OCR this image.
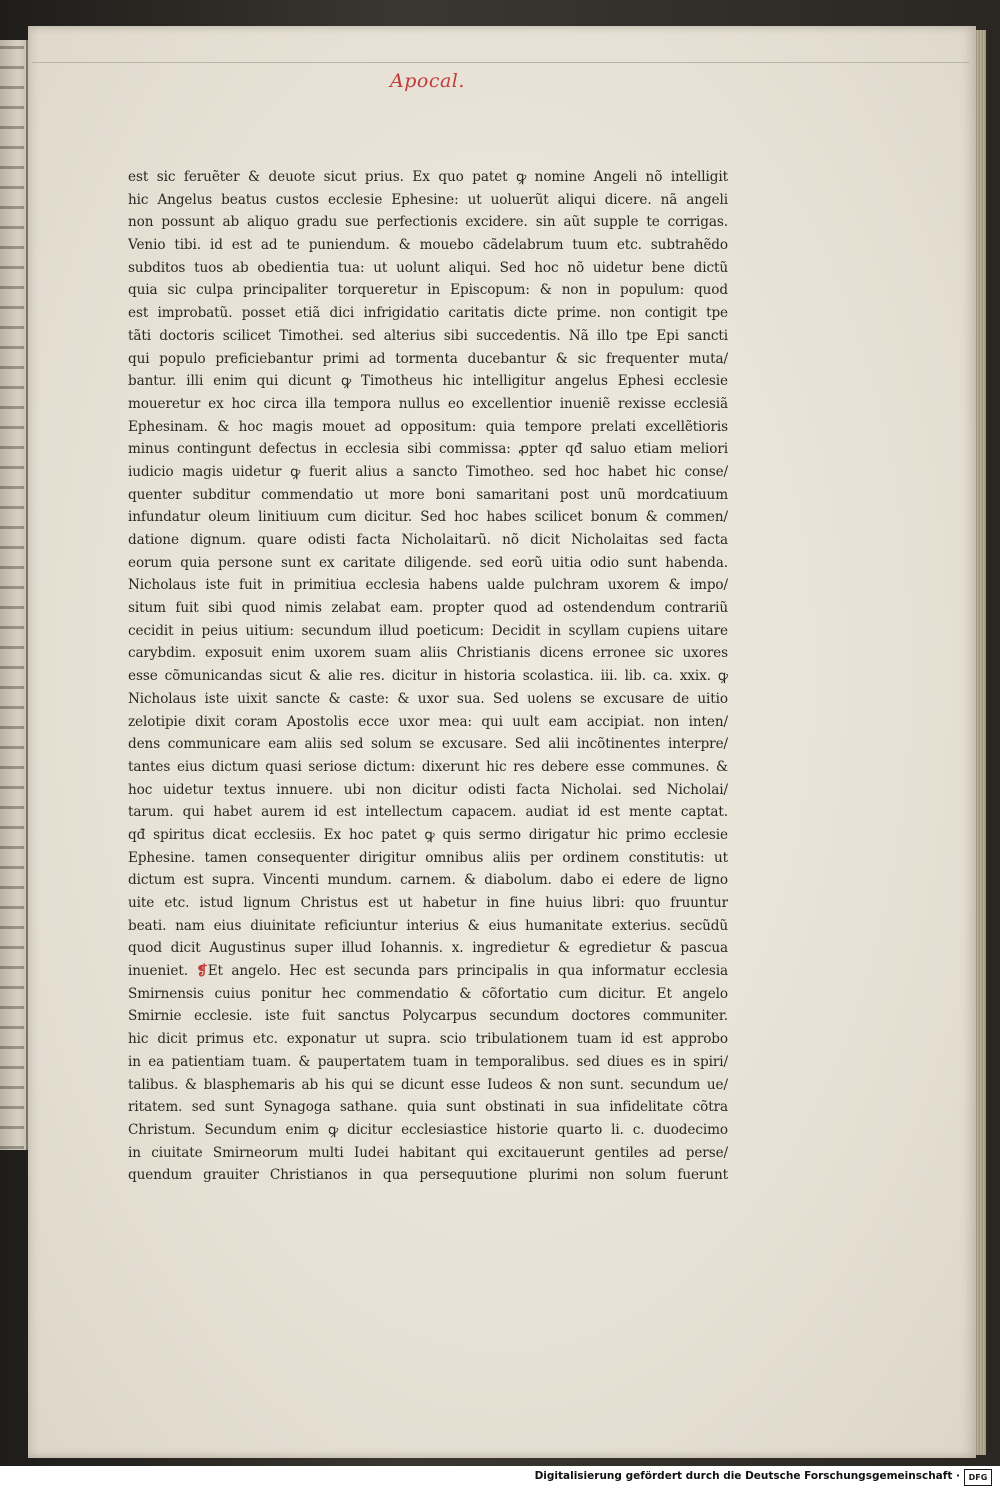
Apocal.
est sic feruẽter & deuote sicut prius. Ex quo patet ꝙ nomine Angeli nõ intelligit
hic Angelus beatus custos ecclesie Ephesine: ut uoluerũt aliqui dicere. nã angeli
non possunt ab aliquo gradu sue perfectionis excidere. sin aũt supple te corrigas.
Venio tibi. id est ad te puniendum. & mouebo cãdelabrum tuum etc. subtrahẽdo
subditos tuos ab obedientia tua: ut uolunt aliqui. Sed hoc nõ uidetur bene dictũ
quia sic culpa principaliter torqueretur in Episcopum: & non in populum: quod
est improbatũ. posset etiã dici infrigidatio caritatis dicte prime. non contigit tpe
tãti doctoris scilicet Timothei. sed alterius sibi succedentis. Nã illo tpe Epi sancti
qui populo preficiebantur primi ad tormenta ducebantur & sic frequenter muta/
bantur. illi enim qui dicunt ꝙ Timotheus hic intelligitur angelus Ephesi ecclesie
moueretur ex hoc circa illa tempora nullus eo excellentior inueniẽ rexisse ecclesiã
Ephesinam. & hoc magis mouet ad oppositum: quia tempore prelati excellẽtioris
minus contingunt defectus in ecclesia sibi commissa: ꝓpter qđ saluo etiam meliori
iudicio magis uidetur ꝙ fuerit alius a sancto Timotheo. sed hoc habet hic conse/
quenter subditur commendatio ut more boni samaritani post unũ mordcatiuum
infundatur oleum linitiuum cum dicitur. Sed hoc habes scilicet bonum & commen/
datione dignum. quare odisti facta Nicholaitarũ. nõ dicit Nicholaitas sed facta
eorum quia persone sunt ex caritate diligende. sed eorũ uitia odio sunt habenda.
Nicholaus iste fuit in primitiua ecclesia habens ualde pulchram uxorem & impo/
situm fuit sibi quod nimis zelabat eam. propter quod ad ostendendum contrariũ
cecidit in peius uitium: secundum illud poeticum: Decidit in scyllam cupiens uitare
carybdim. exposuit enim uxorem suam aliis Christianis dicens erronee sic uxores
esse cõmunicandas sicut & alie res. dicitur in historia scolastica. iii. lib. ca. xxix. ꝙ
Nicholaus iste uixit sancte & caste: & uxor sua. Sed uolens se excusare de uitio
zelotipie dixit coram Apostolis ecce uxor mea: qui uult eam accipiat. non inten/
dens communicare eam aliis sed solum se excusare. Sed alii incõtinentes interpre/
tantes eius dictum quasi seriose dictum: dixerunt hic res debere esse communes. &
hoc uidetur textus innuere. ubi non dicitur odisti facta Nicholai. sed Nicholai/
tarum. qui habet aurem id est intellectum capacem. audiat id est mente captat.
qđ spiritus dicat ecclesiis. Ex hoc patet ꝙ quis sermo dirigatur hic primo ecclesie
Ephesine. tamen consequenter dirigitur omnibus aliis per ordinem constitutis: ut
dictum est supra. Vincenti mundum. carnem. & diabolum. dabo ei edere de ligno
uite etc. istud lignum Christus est ut habetur in fine huius libri: quo fruuntur
beati. nam eius diuinitate reficiuntur interius & eius humanitate exterius. secũdũ
quod dicit Augustinus super illud Iohannis. x. ingredietur & egredietur & pascua
inueniet. ❡Et angelo. Hec est secunda pars principalis in qua informatur ecclesia
Smirnensis cuius ponitur hec commendatio & cõfortatio cum dicitur. Et angelo
Smirnie ecclesie. iste fuit sanctus Polycarpus secundum doctores communiter.
hic dicit primus etc. exponatur ut supra. scio tribulationem tuam id est approbo
in ea patientiam tuam. & paupertatem tuam in temporalibus. sed diues es in spiri/
talibus. & blasphemaris ab his qui se dicunt esse Iudeos & non sunt. secundum ue/
ritatem. sed sunt Synagoga sathane. quia sunt obstinati in sua infidelitate cõtra
Christum. Secundum enim ꝙ dicitur ecclesiastice historie quarto li. c. duodecimo
in ciuitate Smirneorum multi Iudei habitant qui excitauerunt gentiles ad perse/
quendum grauiter Christianos in qua persequutione plurimi non solum fuerunt
Digitalisierung gefördert durch die Deutsche Forschungsgemeinschaft ·	DFG
